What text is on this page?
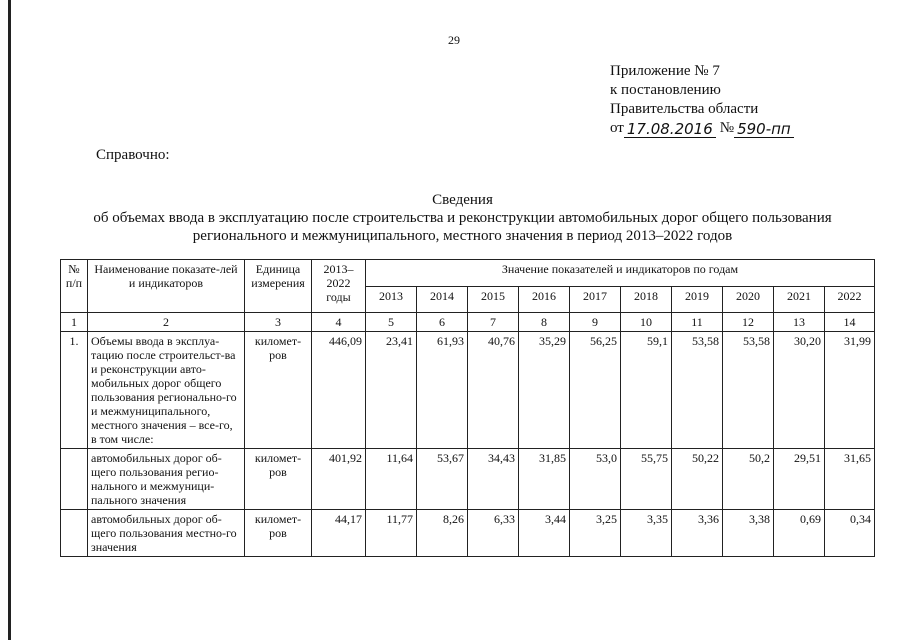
29
Приложение № 7
к постановлению
Правительства области
от 17.08.2016 № 590-пп
Справочно:
Сведения
об объемах ввода в эксплуатацию после строительства и реконструкции автомобильных дорог общего пользования
регионального и межмуниципального, местного значения в период 2013–2022 годов
№ п/п	Наименование показате-лей и индикаторов	Единица измерения	2013–2022 годы	Значение показателей и индикаторов по годам									
				2013	2014	2015	2016	2017	2018	2019	2020	2021	2022
1	2	3	4	5	6	7	8	9	10	11	12	13	14
1.	Объемы ввода в эксплуа-тацию после строительст-ва и реконструкции авто-мобильных дорог общего пользования регионально-го и межмуниципального, местного значения – все-го, в том числе:	километ-ров	446,09	23,41	61,93	40,76	35,29	56,25	59,1	53,58	53,58	30,20	31,99
	автомобильных дорог об-щего пользования регио-нального и межмуници-пального значения	километ-ров	401,92	11,64	53,67	34,43	31,85	53,0	55,75	50,22	50,2	29,51	31,65
	автомобильных дорог об-щего пользования местно-го значения	километ-ров	44,17	11,77	8,26	6,33	3,44	3,25	3,35	3,36	3,38	0,69	0,34
